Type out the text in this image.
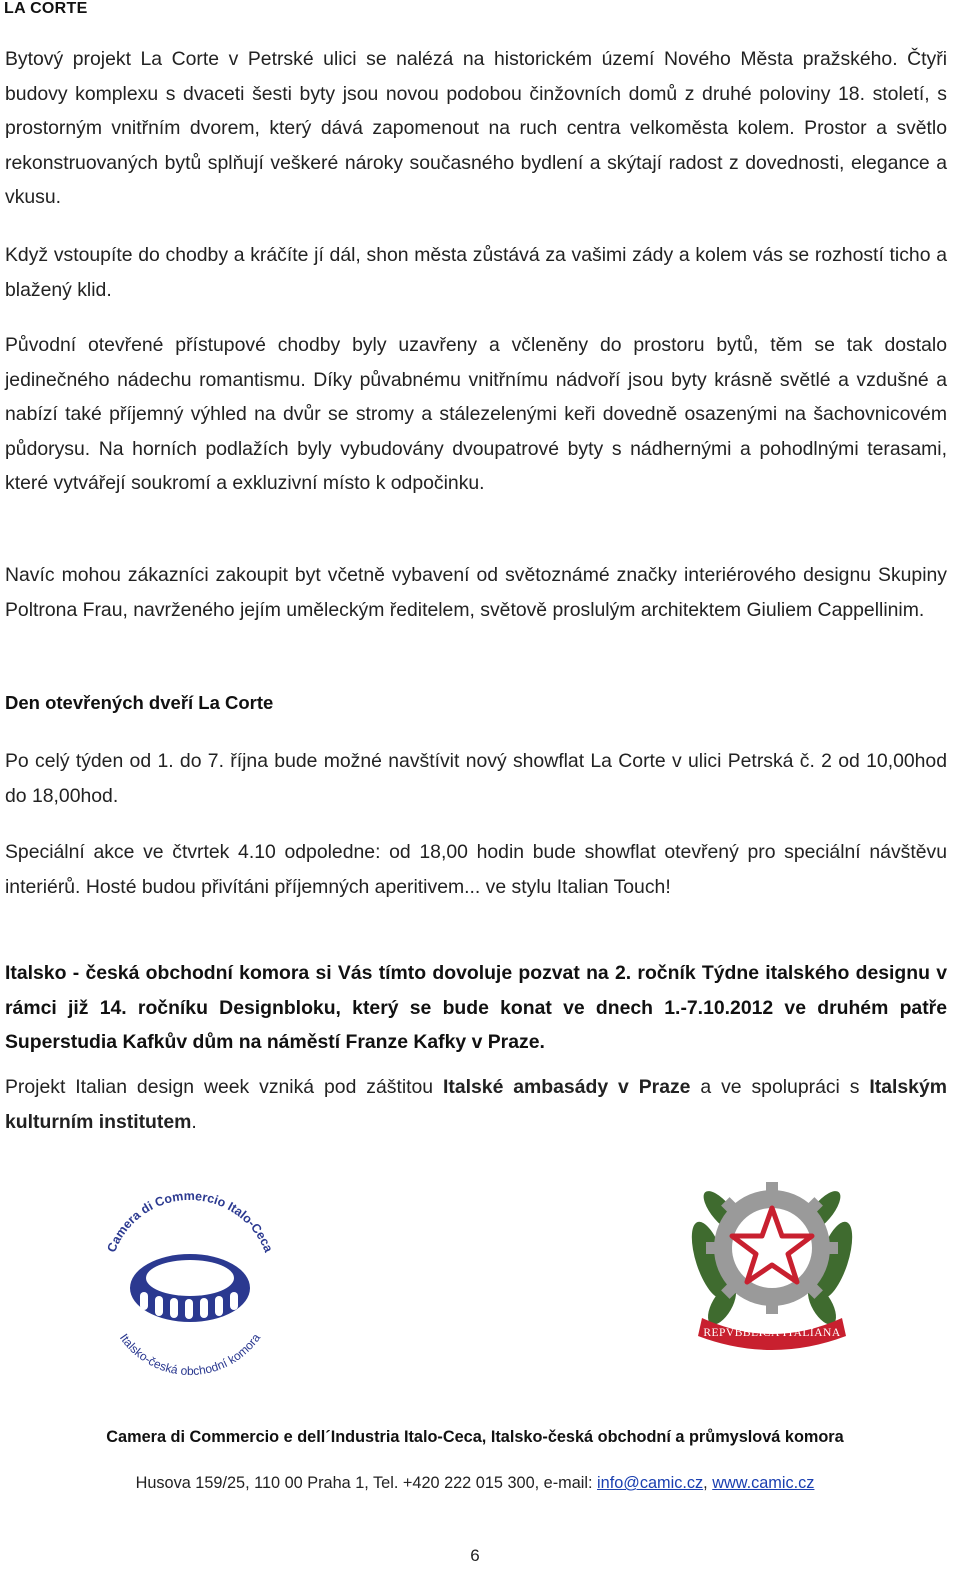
LA CORTE

Bytový projekt La Corte v Petrské ulici se nalézá na historickém území Nového Města pražského. Čtyři budovy komplexu s dvaceti šesti byty jsou novou podobou činžovních domů z druhé poloviny 18. století, s prostorným vnitřním dvorem, který dává zapomenout na ruch centra velkoměsta kolem. Prostor a světlo rekonstruovaných bytů splňují veškeré nároky současného bydlení a skýtají radost z dovednosti, elegance a vkusu.

Když vstoupíte do chodby a kráčíte jí dál, shon města zůstává za vašimi zády a kolem vás se rozhostí ticho a blažený klid.

Původní otevřené přístupové chodby byly uzavřeny a včleněny do prostoru bytů, těm se tak dostalo jedinečného nádechu romantismu. Díky půvabnému vnitřnímu nádvoří jsou byty krásně světlé a vzdušné a nabízí také příjemný výhled na dvůr se stromy a stálezelenými keři dovedně osazenými na šachovnicovém půdorysu. Na horních podlažích byly vybudovány dvoupatrové byty s nádhernými a pohodlnými terasami, které vytvářejí soukromí a exkluzivní místo k odpočinku.

Navíc mohou zákazníci zakoupit byt včetně vybavení od světoznámé značky interiérového designu Skupiny Poltrona Frau, navrženého jejím uměleckým ředitelem, světově proslulým architektem Giuliem Cappellinim.

Den otevřených dveří La Corte

Po celý týden od 1. do 7. října bude možné navštívit nový showflat La Corte v ulici Petrská č. 2 od 10,00hod do 18,00hod.

Speciální akce ve čtvrtek 4.10 odpoledne: od 18,00 hodin bude showflat otevřený pro speciální návštěvu interiérů. Hosté budou přivítáni příjemných aperitivem... ve stylu Italian Touch!

Italsko - česká obchodní komora si Vás tímto dovoluje pozvat na 2. ročník Týdne italského designu v rámci již 14. ročníku Designbloku, který se bude konat ve dnech 1.-7.10.2012 ve druhém patře Superstudia Kafkův dům na náměstí Franze Kafky v Praze.

Projekt Italian design week vzniká pod záštitou Italské ambasády v Praze a ve spolupráci s Italským kulturním institutem.

Camera di Commercio Italo-Ceca
Italsko-česká obchodní komora	REPVBBLICA ITALIANA
Camera di Commercio e dell´Industria Italo-Ceca, Italsko-česká obchodní a průmyslová komora
Husova 159/25, 110 00 Praha 1, Tel. +420 222 015 300, e-mail: info@camic.cz, www.camic.cz
6
